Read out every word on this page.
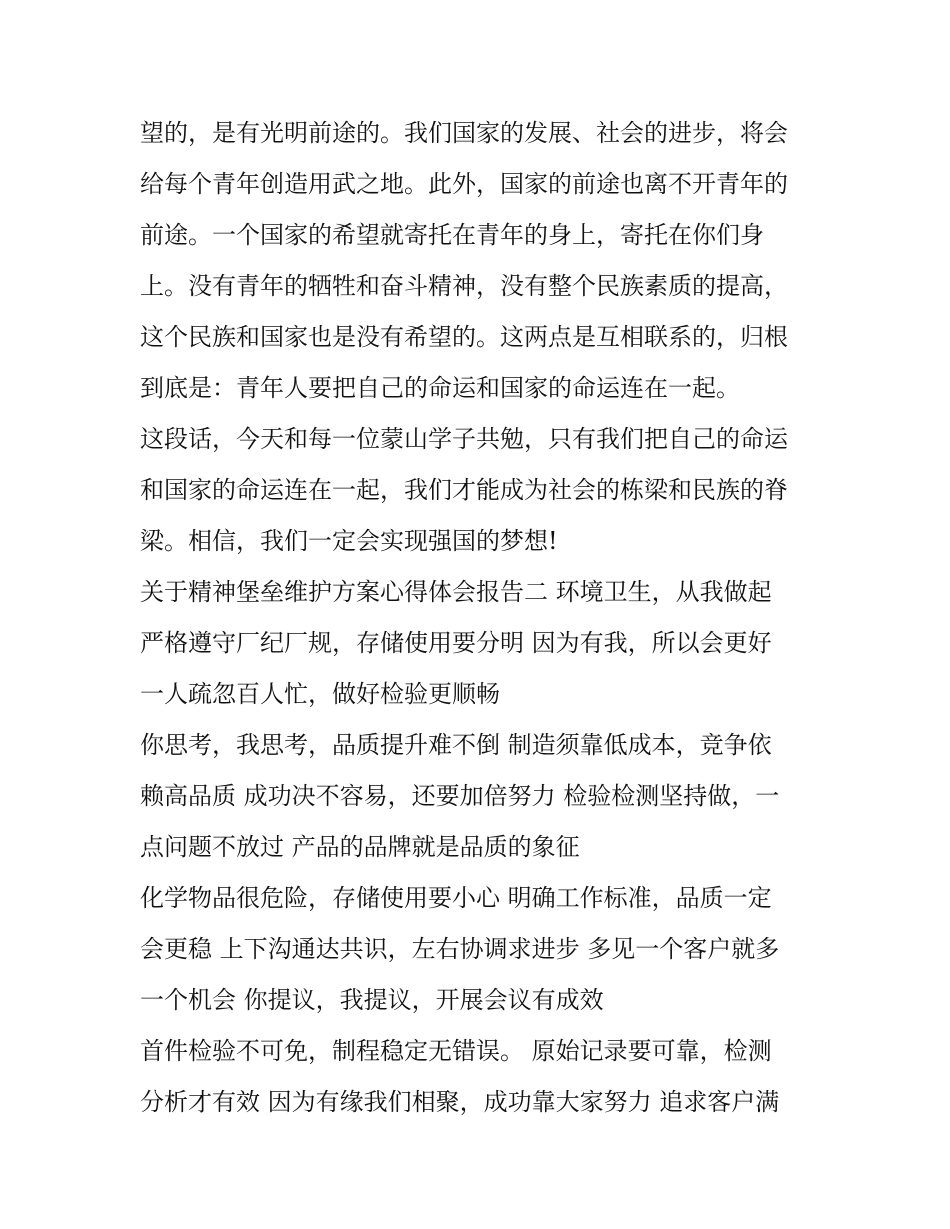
望的，是有光明前途的。我们国家的发展、社会的进步，将会
给每个青年创造用武之地。此外，国家的前途也离不开青年的
前途。一个国家的希望就寄托在青年的身上，寄托在你们身
上。没有青年的牺牲和奋斗精神，没有整个民族素质的提高，
这个民族和国家也是没有希望的。这两点是互相联系的，归根
到底是：青年人要把自己的命运和国家的命运连在一起。
这段话，今天和每一位蒙山学子共勉，只有我们把自己的命运
和国家的命运连在一起，我们才能成为社会的栋梁和民族的脊
梁。相信，我们一定会实现强国的梦想!
关于精神堡垒维护方案心得体会报告二 环境卫生，从我做起
严格遵守厂纪厂规，存储使用要分明 因为有我，所以会更好
一人疏忽百人忙，做好检验更顺畅
你思考，我思考，品质提升难不倒 制造须靠低成本，竞争依
赖高品质 成功决不容易，还要加倍努力 检验检测坚持做，一
点问题不放过 产品的品牌就是品质的象征
化学物品很危险，存储使用要小心 明确工作标准，品质一定
会更稳 上下沟通达共识，左右协调求进步 多见一个客户就多
一个机会 你提议，我提议，开展会议有成效
首件检验不可免，制程稳定无错误。 原始记录要可靠，检测
分析才有效 因为有缘我们相聚，成功靠大家努力 追求客户满
